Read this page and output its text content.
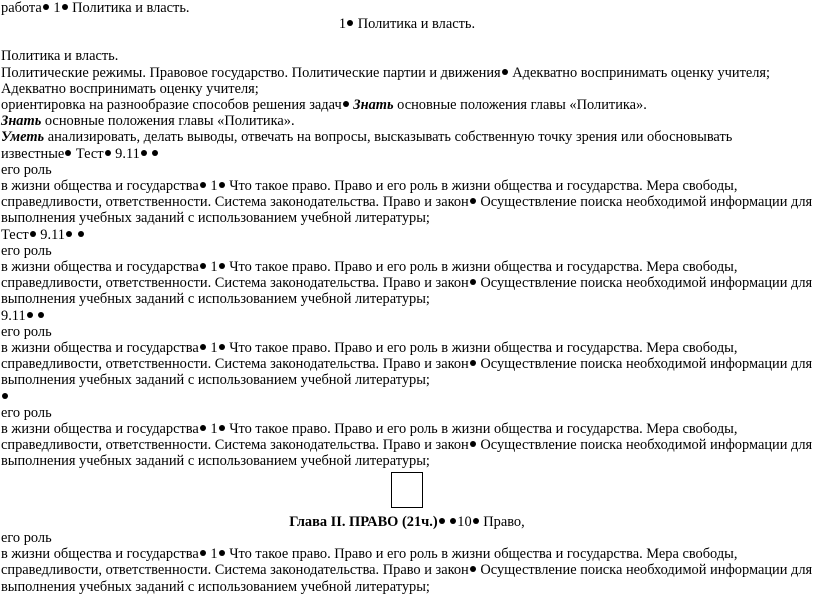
работа 1 Политика и власть.

1 Политика и власть.

Политика и власть.

Политические режимы. Правовое государство. Политические партии и движения Адекватно воспринимать оценку учителя;

Адекватно воспринимать оценку учителя;

ориентировка на разнообразие способов решения задач Знать основные положения главы «Политика».

Знать основные положения главы «Политика».

Уметь анализировать, делать выводы, отвечать на вопросы, высказывать собственную точку зрения или обосновывать

известные Тест 9.11

его роль

в жизни общества и государства 1 Что такое право. Право и его роль в жизни общества и государства. Мера свободы, справедливости, ответственности. Система законодательства. Право и закон Осуществление поиска необходимой информации для выполнения учебных заданий с использованием учебной литературы;

Тест 9.11

его роль

в жизни общества и государства 1 Что такое право. Право и его роль в жизни общества и государства. Мера свободы, справедливости, ответственности. Система законодательства. Право и закон Осуществление поиска необходимой информации для выполнения учебных заданий с использованием учебной литературы;

9.11

его роль

в жизни общества и государства 1 Что такое право. Право и его роль в жизни общества и государства. Мера свободы, справедливости, ответственности. Система законодательства. Право и закон Осуществление поиска необходимой информации для выполнения учебных заданий с использованием учебной литературы;

его роль

в жизни общества и государства 1 Что такое право. Право и его роль в жизни общества и государства. Мера свободы, справедливости, ответственности. Система законодательства. Право и закон Осуществление поиска необходимой информации для выполнения учебных заданий с использованием учебной литературы;

Глава II. ПРАВО (21ч.) 10 Право,

его роль

в жизни общества и государства 1 Что такое право. Право и его роль в жизни общества и государства. Мера свободы, справедливости, ответственности. Система законодательства. Право и закон Осуществление поиска необходимой информации для выполнения учебных заданий с использованием учебной литературы;
